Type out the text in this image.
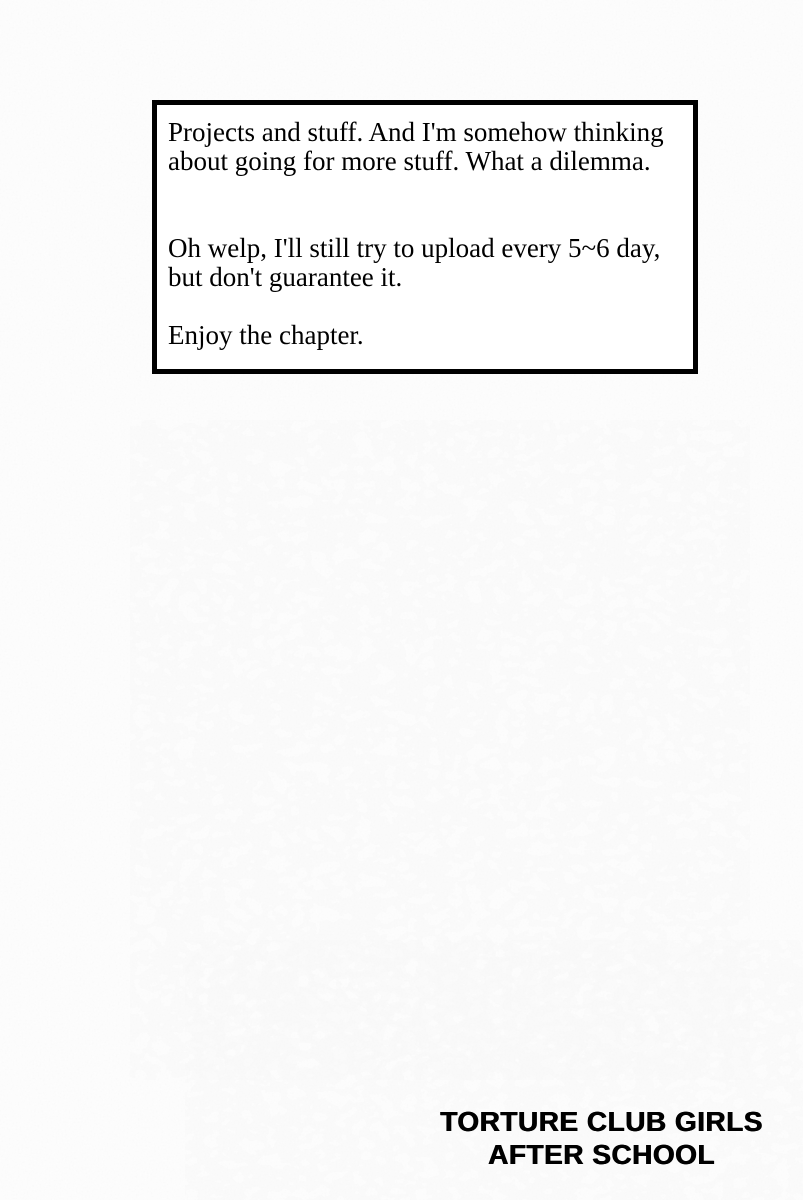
Projects and stuff. And I'm somehow thinking
about going for more stuff. What a dilemma.

Oh welp, I'll still try to upload every 5~6 day,
but don't guarantee it.

Enjoy the chapter.

TORTURE CLUB GIRLS
AFTER SCHOOL
